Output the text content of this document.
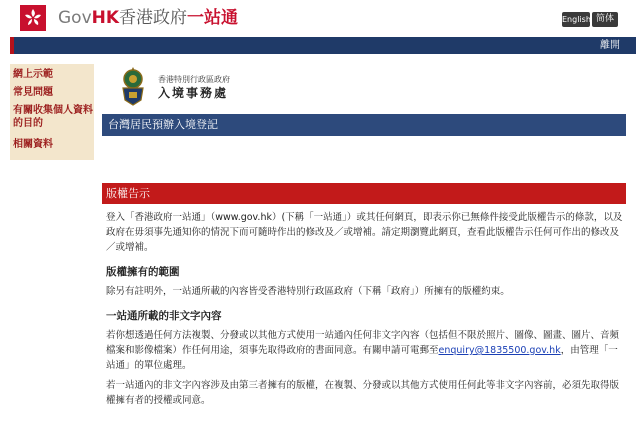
GovHK香港政府一站通	English 简体
離開
網上示範
常見問題
有關收集個人資料的目的
相關資料
香港特別行政區政府
入境事務處
台灣居民預辦入境登記
版權告示
登入「香港政府一站通」（www.gov.hk）(下稱「一站通」）或其任何網頁，即表示你已無條件接受此版權告示的條款，以及政府在毋須事先通知你的情況下而可隨時作出的修改及／或增補。請定期瀏覽此網頁，查看此版權告示任何可作出的修改及／或增補。
版權擁有的範圍
除另有註明外，一站通所載的內容皆受香港特別行政區政府（下稱「政府」）所擁有的版權約束。
一站通所載的非文字內容
若你想透過任何方法複製、分發或以其他方式使用一站通內任何非文字內容（包括但不限於照片、圖像、圖畫、圖片、音頻檔案和影像檔案）作任何用途，須事先取得政府的書面同意。有關申請可電郵至enquiry@1835500.gov.hk，由管理「一站通」的單位處理。
若一站通內的非文字內容涉及由第三者擁有的版權，在複製、分發或以其他方式使用任何此等非文字內容前，必須先取得版權擁有者的授權或同意。
